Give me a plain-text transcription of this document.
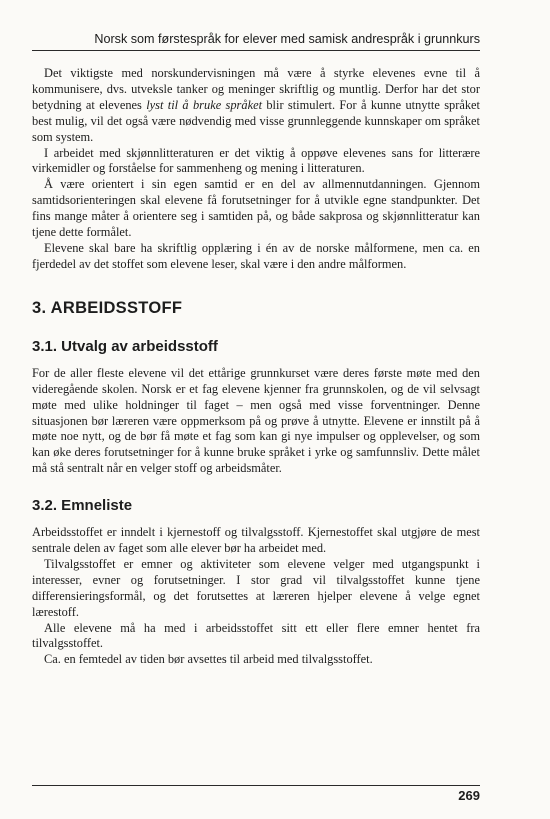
Norsk som førstespråk for elever med samisk andrespråk i grunnkurs

Det viktigste med norskundervisningen må være å styrke elevenes evne til å kommunisere, dvs. utveksle tanker og meninger skriftlig og muntlig. Derfor har det stor betydning at elevenes lyst til å bruke språket blir stimulert. For å kunne utnytte språket best mulig, vil det også være nødvendig med visse grunnleggende kunnskaper om språket som system.

I arbeidet med skjønnlitteraturen er det viktig å oppøve elevenes sans for litterære virkemidler og forståelse for sammenheng og mening i litteraturen.

Å være orientert i sin egen samtid er en del av allmennutdanningen. Gjennom samtidsorienteringen skal elevene få forutsetninger for å utvikle egne standpunkter. Det fins mange måter å orientere seg i samtiden på, og både sakprosa og skjønnlitteratur kan tjene dette formålet.

Elevene skal bare ha skriftlig opplæring i én av de norske målformene, men ca. en fjerdedel av det stoffet som elevene leser, skal være i den andre målformen.

3. ARBEIDSSTOFF
3.1. Utvalg av arbeidsstoff

For de aller fleste elevene vil det ettårige grunnkurset være deres første møte med den videregående skolen. Norsk er et fag elevene kjenner fra grunnskolen, og de vil selvsagt møte med ulike holdninger til faget – men også med visse forventninger. Denne situasjonen bør læreren være oppmerksom på og prøve å utnytte. Elevene er innstilt på å møte noe nytt, og de bør få møte et fag som kan gi nye impulser og opplevelser, og som kan øke deres forutsetninger for å kunne bruke språket i yrke og samfunnsliv. Dette målet må stå sentralt når en velger stoff og arbeidsmåter.

3.2. Emneliste

Arbeidsstoffet er inndelt i kjernestoff og tilvalgsstoff. Kjernestoffet skal utgjøre de mest sentrale delen av faget som alle elever bør ha arbeidet med.

Tilvalgsstoffet er emner og aktiviteter som elevene velger med utgangspunkt i interesser, evner og forutsetninger. I stor grad vil tilvalgsstoffet kunne tjene differensieringsformål, og det forutsettes at læreren hjelper elevene å velge egnet lærestoff.

Alle elevene må ha med i arbeidsstoffet sitt ett eller flere emner hentet fra tilvalgsstoffet.

Ca. en femtedel av tiden bør avsettes til arbeid med tilvalgsstoffet.

269
